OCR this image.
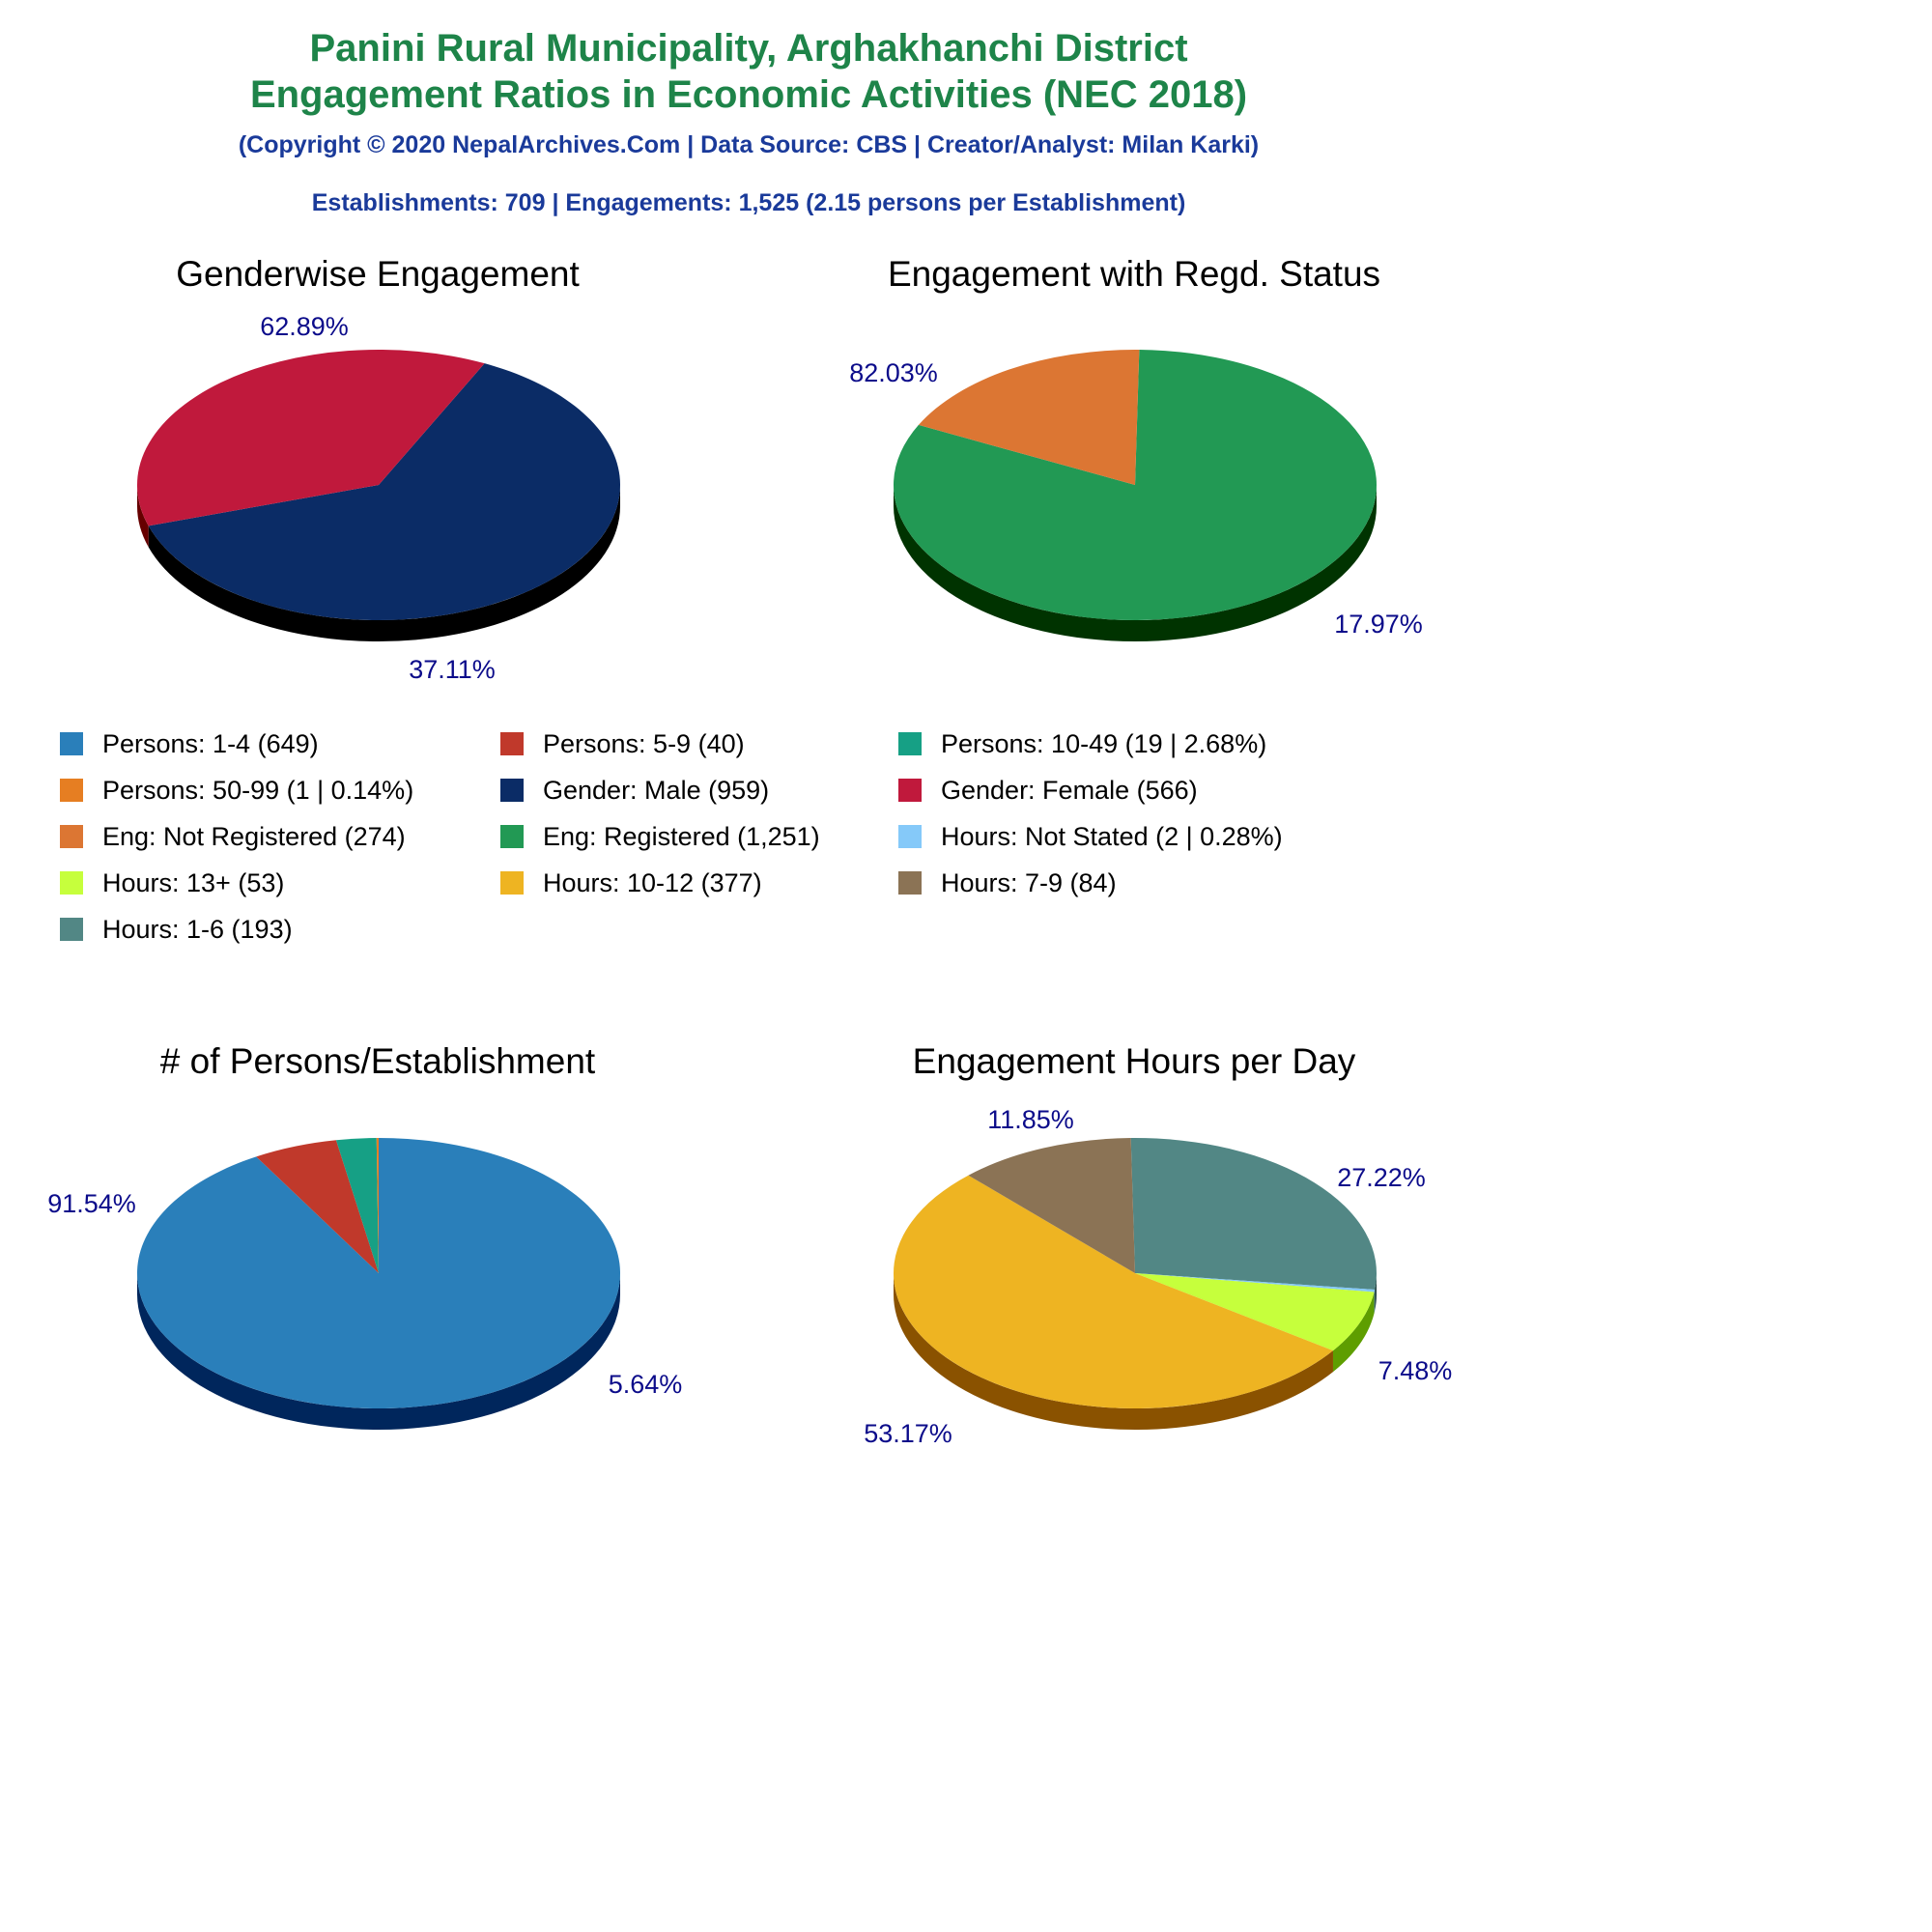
Panini Rural Municipality, Arghakhanchi District
Engagement Ratios in Economic Activities (NEC 2018)
(Copyright © 2020 NepalArchives.Com | Data Source: CBS | Creator/Analyst: Milan Karki)
Establishments: 709 | Engagements: 1,525 (2.15 persons per Establishment)
Genderwise Engagement	Engagement with Regd. Status
# of Persons/Establishment	Engagement Hours per Day
62.89%
37.11%
82.03%
17.97%
91.54%
5.64%
27.22%
7.48%
53.17%
11.85%
Persons: 1-4 (649)	Persons: 5-9 (40)	Persons: 10-49 (19 | 2.68%)
Persons: 50-99 (1 | 0.14%)	Gender: Male (959)	Gender: Female (566)
Eng: Not Registered (274)	Eng: Registered (1,251)	Hours: Not Stated (2 | 0.28%)
Hours: 13+ (53)	Hours: 10-12 (377)	Hours: 7-9 (84)
Hours: 1-6 (193)
